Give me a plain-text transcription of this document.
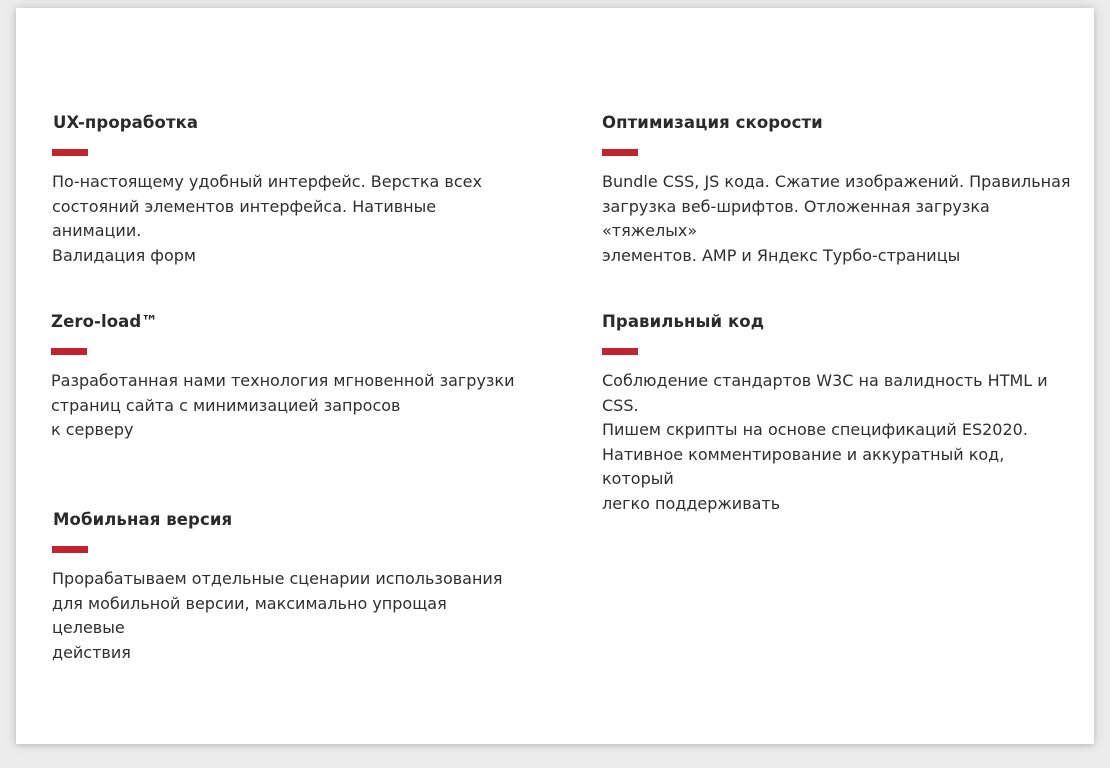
UX-проработка

По-настоящему удобный интерфейс. Верстка всех
состояний элементов интерфейса. Нативные анимации.
Валидация форм

Оптимизация скорости

Bundle CSS, JS кода. Сжатие изображений. Правильная
загрузка веб-шрифтов. Отложенная загрузка «тяжелых»
элементов. AMP и Яндекс Турбо-страницы

Zero-load™

Разработанная нами технология мгновенной загрузки
страниц сайта с минимизацией запросов
к серверу

Правильный код

Соблюдение стандартов W3C на валидность HTML и CSS.
Пишем скрипты на основе спецификаций ES2020.
Нативное комментирование и аккуратный код, который
легко поддерживать

Мобильная версия

Прорабатываем отдельные сценарии использования
для мобильной версии, максимально упрощая целевые
действия
